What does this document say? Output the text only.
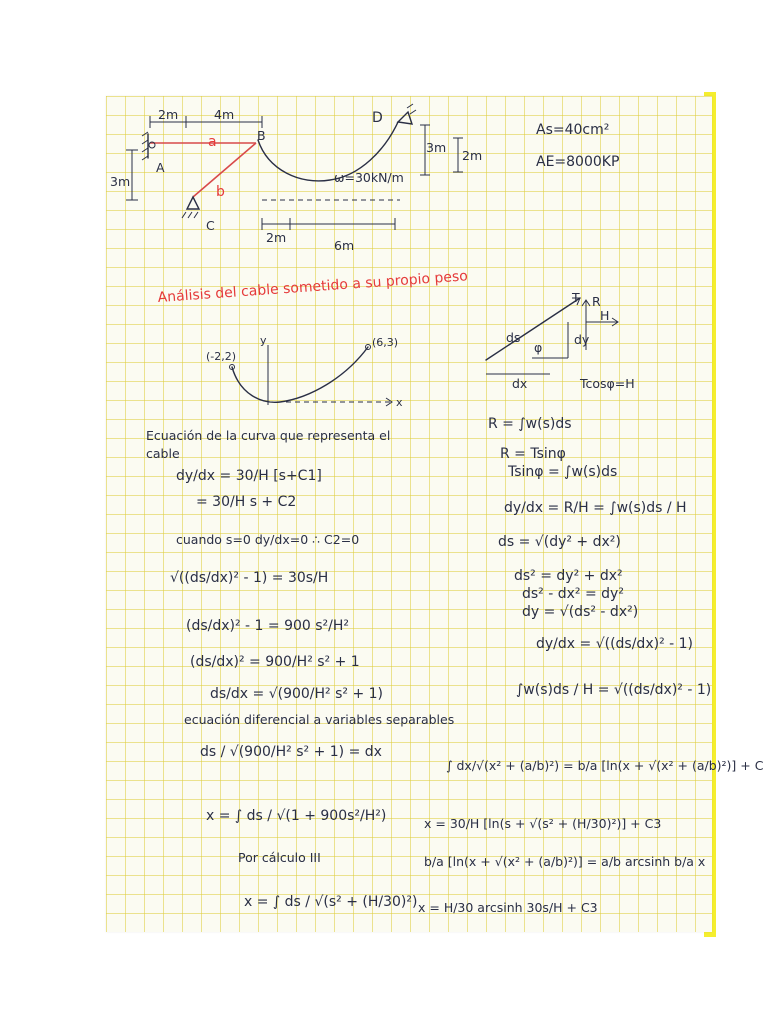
2m	4m
a
A
b
B
C
3m
D
3m
2m
ω=30kN/m
2m
6m
As=40cm²
AE=8000KP
Análisis del cable sometido a su propio peso
y
x
(-2,2)
(6,3)
T R
H
ds	dy
φ
dx	Tcosφ=H
Ecuación de la curva que representa el
cable
dy/dx = 30/H [s+C1]
= 30/H s + C2
cuando s=0 dy/dx=0 ∴ C2=0
√((ds/dx)² - 1) = 30s/H
(ds/dx)² - 1 = 900 s²/H²
(ds/dx)² = 900/H² s² + 1
ds/dx = √(900/H² s² + 1)
ecuación diferencial a variables separables
ds / √(900/H² s² + 1) = dx
x = ∫ ds / √(1 + 900s²/H²)
Por cálculo III
x = ∫ ds / √(s² + (H/30)²)
R = ∫w(s)ds
R = Tsinφ
Tsinφ = ∫w(s)ds
dy/dx = R/H = ∫w(s)ds / H
ds = √(dy² + dx²)
ds² = dy² + dx²
ds² - dx² = dy²
dy = √(ds² - dx²)
dy/dx = √((ds/dx)² - 1)
∫w(s)ds / H = √((ds/dx)² - 1)
∫ dx/√(x² + (a/b)²) = b/a [ln(x + √(x² + (a/b)²)] + C
x = 30/H [ln(s + √(s² + (H/30)²)] + C3
b/a [ln(x + √(x² + (a/b)²)] = a/b arcsinh b/a x
x = H/30 arcsinh 30s/H + C3
